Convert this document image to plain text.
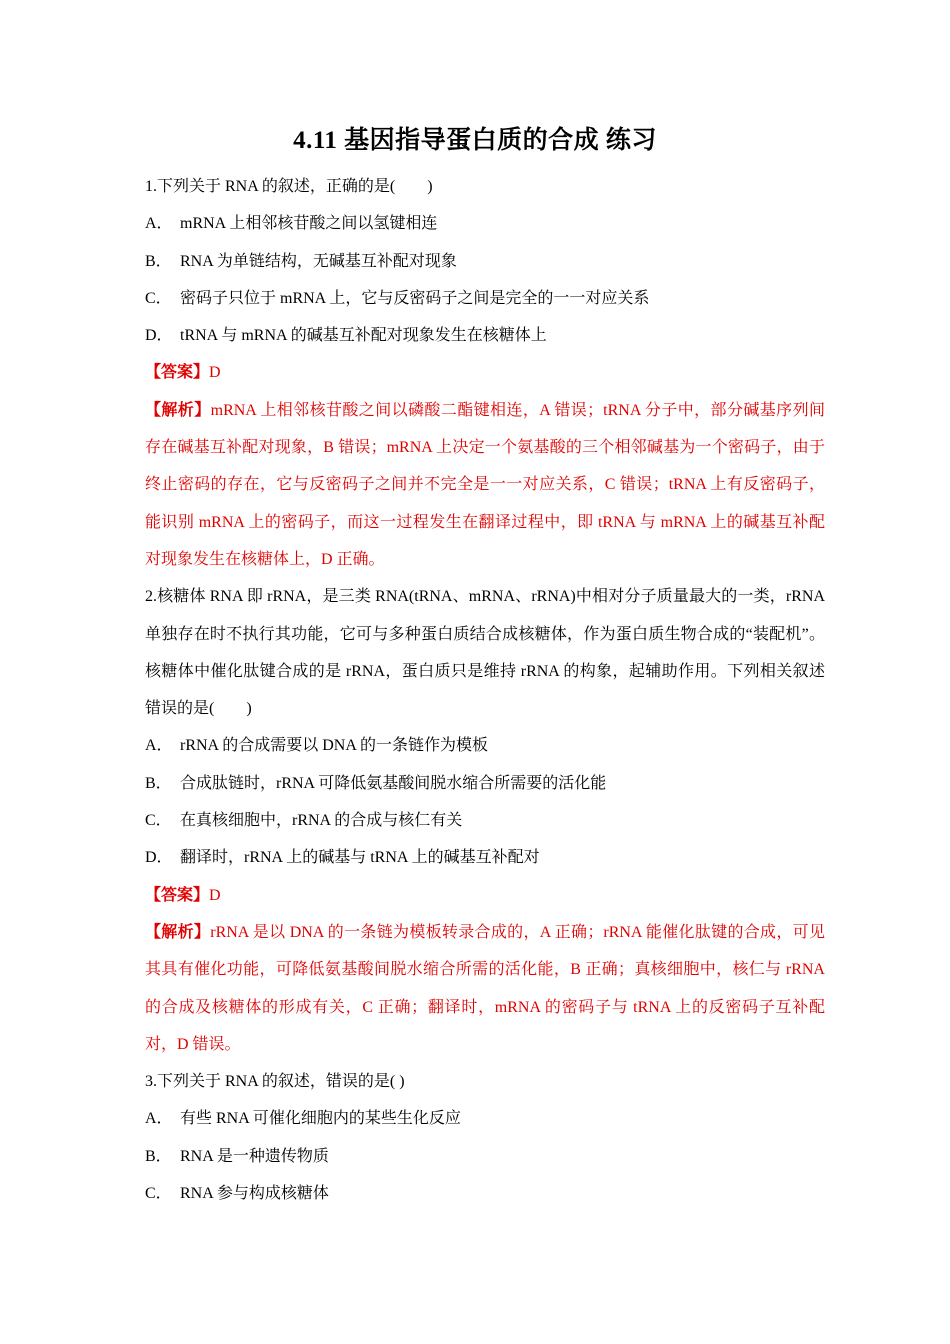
4.11 基因指导蛋白质的合成 练习
1.下列关于 RNA 的叙述，正确的是(　　)
A． mRNA 上相邻核苷酸之间以氢键相连
B． RNA 为单链结构，无碱基互补配对现象
C． 密码子只位于 mRNA 上，它与反密码子之间是完全的一一对应关系
D． tRNA 与 mRNA 的碱基互补配对现象发生在核糖体上
【答案】D
【解析】mRNA 上相邻核苷酸之间以磷酸二酯键相连，A 错误；tRNA 分子中，部分碱基序列间存在碱基互补配对现象，B 错误；mRNA 上决定一个氨基酸的三个相邻碱基为一个密码子，由于终止密码的存在，它与反密码子之间并不完全是一一对应关系，C 错误；tRNA 上有反密码子，能识别 mRNA 上的密码子，而这一过程发生在翻译过程中，即 tRNA 与 mRNA 上的碱基互补配对现象发生在核糖体上，D 正确。
2.核糖体 RNA 即 rRNA，是三类 RNA(tRNA、mRNA、rRNA)中相对分子质量最大的一类，rRNA 单独存在时不执行其功能，它可与多种蛋白质结合成核糖体，作为蛋白质生物合成的“装配机”。核糖体中催化肽键合成的是 rRNA，蛋白质只是维持 rRNA 的构象，起辅助作用。下列相关叙述错误的是(　　)
A． rRNA 的合成需要以 DNA 的一条链作为模板
B． 合成肽链时，rRNA 可降低氨基酸间脱水缩合所需要的活化能
C． 在真核细胞中，rRNA 的合成与核仁有关
D． 翻译时，rRNA 上的碱基与 tRNA 上的碱基互补配对
【答案】D
【解析】rRNA 是以 DNA 的一条链为模板转录合成的，A 正确；rRNA 能催化肽键的合成，可见其具有催化功能，可降低氨基酸间脱水缩合所需的活化能，B 正确；真核细胞中，核仁与 rRNA 的合成及核糖体的形成有关，C 正确；翻译时，mRNA 的密码子与 tRNA 上的反密码子互补配对，D 错误。
3.下列关于 RNA 的叙述，错误的是( )
A． 有些 RNA 可催化细胞内的某些生化反应
B． RNA 是一种遗传物质
C． RNA 参与构成核糖体
